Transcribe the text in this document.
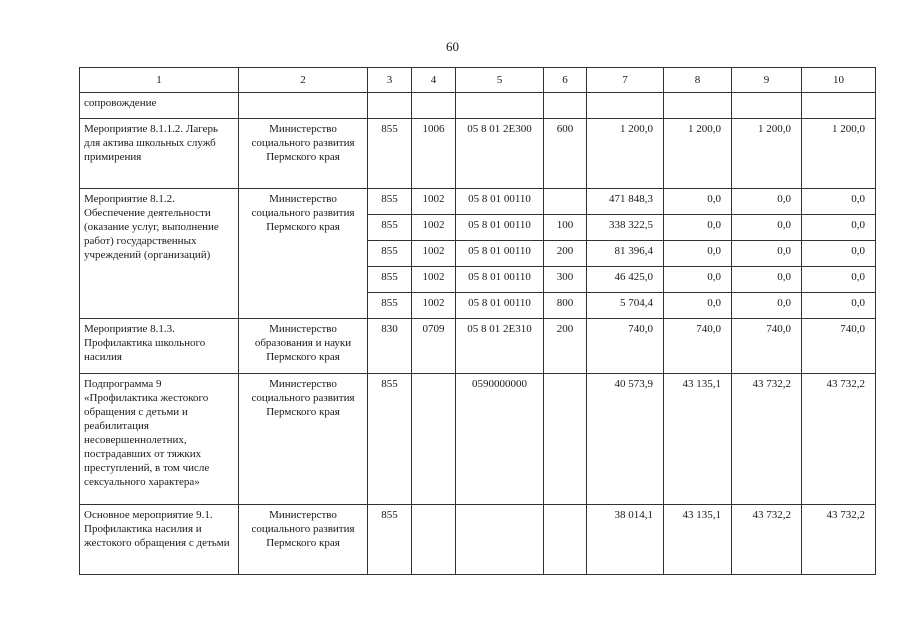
60
1	2	3	4	5	6	7	8	9	10
сопровождение									
Мероприятие 8.1.1.2. Лагерь для актива школьных служб примирения	Министерство социального развития Пермского края	855	1006	05 8 01 2Е300	600	1 200,0	1 200,0	1 200,0	1 200,0
Мероприятие 8.1.2. Обеспечение деятельности (оказание услуг, выполнение работ) государственных учреждений (организаций)	Министерство социального развития Пермского края	855	1002	05 8 01 00110		471 848,3	0,0	0,0	0,0
		855	1002	05 8 01 00110	100	338 322,5	0,0	0,0	0,0
		855	1002	05 8 01 00110	200	81 396,4	0,0	0,0	0,0
		855	1002	05 8 01 00110	300	46 425,0	0,0	0,0	0,0
		855	1002	05 8 01 00110	800	5 704,4	0,0	0,0	0,0
Мероприятие 8.1.3. Профилактика школьного насилия	Министерство образования и науки Пермского края	830	0709	05 8 01 2Е310	200	740,0	740,0	740,0	740,0
Подпрограмма 9 «Профилактика жестокого обращения с детьми и реабилитация несовершеннолетних, пострадавших от тяжких преступлений, в том числе сексуального характера»	Министерство социального развития Пермского края	855		0590000000		40 573,9	43 135,1	43 732,2	43 732,2
Основное мероприятие 9.1. Профилактика насилия и жестокого обращения с детьми	Министерство социального развития Пермского края	855				38 014,1	43 135,1	43 732,2	43 732,2
